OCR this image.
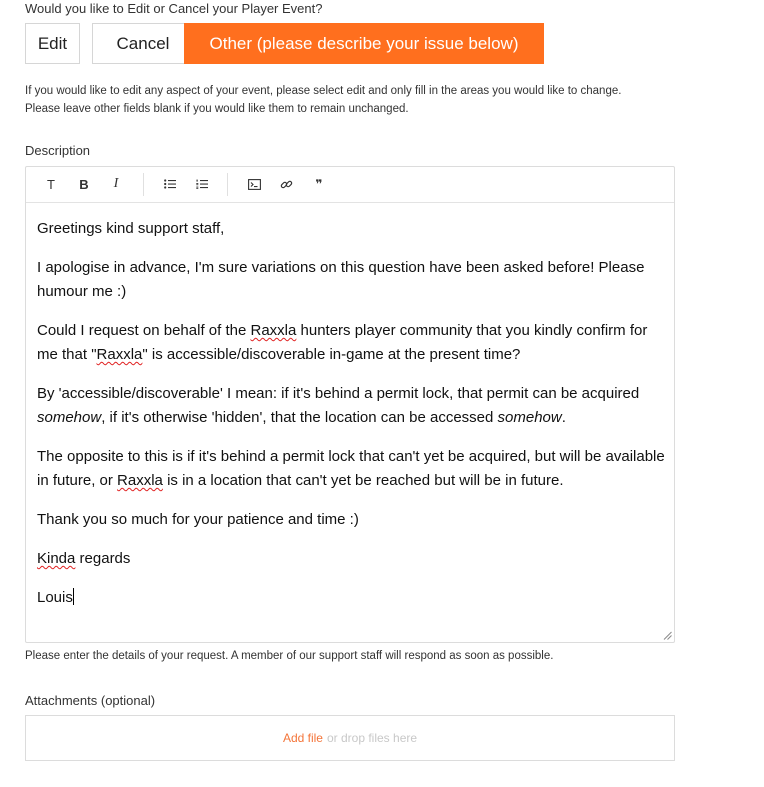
Would you like to Edit or Cancel your Player Event?
Edit	Cancel	Other (please describe your issue below)
If you would like to edit any aspect of your event, please select edit and only fill in the areas you would like to change.
Please leave other fields blank if you would like them to remain unchanged.
Description
T B I	❞

Greetings kind support staff,

I apologise in advance, I'm sure variations on this question have been asked before! Please humour me :)

Could I request on behalf of the Raxxla hunters player community that you kindly confirm for me that "Raxxla" is accessible/discoverable in-game at the present time?

By 'accessible/discoverable' I mean: if it's behind a permit lock, that permit can be acquired somehow, if it's otherwise 'hidden', that the location can be accessed somehow.

The opposite to this is if it's behind a permit lock that can't yet be acquired, but will be available in future, or Raxxla is in a location that can't yet be reached but will be in future.

Thank you so much for your patience and time :)

Kinda regards

Louis

Please enter the details of your request. A member of our support staff will respond as soon as possible.
Attachments (optional)
Add file or drop files here
